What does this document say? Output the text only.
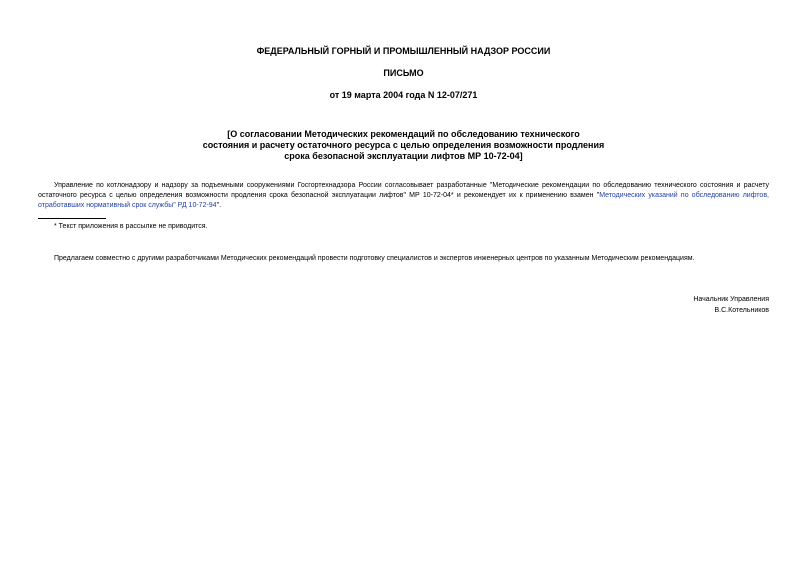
ФЕДЕРАЛЬНЫЙ ГОРНЫЙ И ПРОМЫШЛЕННЫЙ НАДЗОР РОССИИ

ПИСЬМО

от 19 марта 2004 года N 12-07/271

[О согласовании Методических рекомендаций по обследованию технического
состояния и расчету остаточного ресурса с целью определения возможности продления
срока безопасной эксплуатации лифтов МР 10-72-04]

Управление по котлонадзору и надзору за подъемными сооружениями Госгортехнадзора России согласовывает разработанные "Методические рекомендации по обследованию технического состояния и расчету остаточного ресурса с целью определения возможности продления срока безопасной эксплуатации лифтов" МР 10-72-04* и рекомендует их к применению взамен "Методических указаний по обследованию лифтов, отработавших нормативный срок службы" РД 10-72-94".

* Текст приложения в рассылке не приводится.

Предлагаем совместно с другими разработчиками Методических рекомендаций провести подготовку специалистов и экспертов инженерных центров по указанным Методическим рекомендациям.

Начальник Управления

В.С.Котельников
